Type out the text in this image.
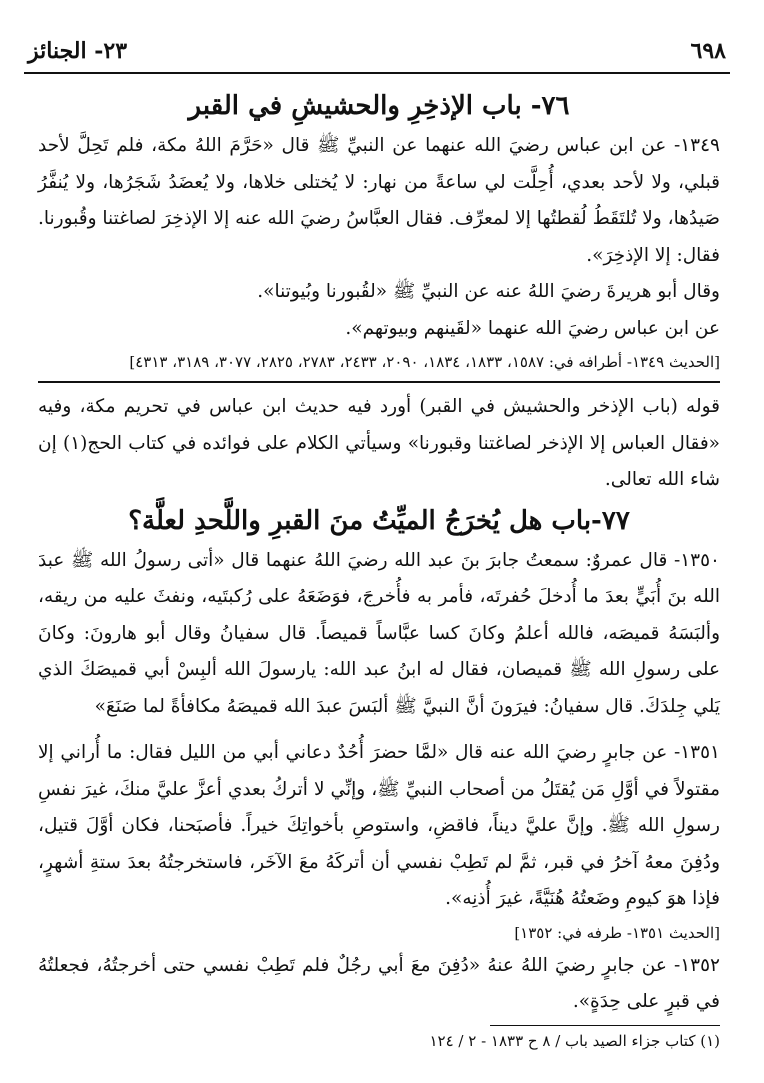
٢٣- الجنائز	٦٩٨
٧٦- باب الإذخِرِ والحشيشِ في القبر

١٣٤٩- عن ابن عباس رضيَ الله عنهما عن النبيِّ ﷺ قال «حَرَّمَ اللهُ مكة، فلم تَحِلَّ لأحد قبلي، ولا لأحد بعدي، أُحِلَّت لي ساعةً من نهار: لا يُختلى خلاها، ولا يُعضَدُ شَجَرُها، ولا يُنفَّرُ صَيدُها، ولا تُلتَقَطُ لُقطتُها إلا لمعرِّف. فقال العبَّاسُ رضيَ الله عنه إلا الإذخِرَ لصاغتنا وقُبورنا. فقال: إلا الإذخِرَ».

وقال أبو هريرةَ رضيَ اللهُ عنه عن النبيِّ ﷺ «لقُبورنا وبُيوتنا».

عن ابن عباس رضيَ الله عنهما «لقَينهم وبيوتهم».

[الحديث ١٣٤٩- أطرافه في: ١٥٨٧، ١٨٣٣، ١٨٣٤، ٢٠٩٠، ٢٤٣٣، ٢٧٨٣، ٢٨٢٥، ٣٠٧٧، ٣١٨٩، ٤٣١٣]

قوله (باب الإذخر والحشيش في القبر) أورد فيه حديث ابن عباس في تحريم مكة، وفيه «فقال العباس إلا الإذخر لصاغتنا وقبورنا» وسيأتي الكلام على فوائده في كتاب الحج(١) إن شاء الله تعالى.

٧٧-باب هل يُخرَجُ الميِّتُ منَ القبرِ واللَّحدِ لعلَّة؟

١٣٥٠- قال عمروٌ: سمعتُ جابرَ بنَ عبد الله رضيَ اللهُ عنهما قال «أتى رسولُ الله ﷺ عبدَ الله بنَ أُبَيٍّ بعدَ ما أُدخلَ حُفرتَه، فأمر به فأُخرجَ، فوَضَعَهُ على رُكبتَيه، ونفثَ عليه من ريقه، وألبَسَهُ قميصَه، فالله أعلمُ وكانَ كسا عبَّاساً قميصاً. قال سفيانُ وقال أبو هارونَ: وكانَ على رسولِ الله ﷺ قميصان، فقال له ابنُ عبد الله: يارسولَ الله ألبِسْ أبي قميصَكَ الذي يَلي جِلدَكَ. قال سفيانُ: فيرَونَ أنَّ النبيَّ ﷺ ألبَسَ عبدَ الله قميصَهُ مكافأةً لما صَنَعَ»

١٣٥١- عن جابرٍ رضيَ الله عنه قال «لمَّا حضرَ أُحُدٌ دعاني أبي من الليل فقال: ما أُراني إلا مقتولاً في أوَّلِ مَن يُقتَلُ من أصحاب النبيِّ ﷺ، وإنِّي لا أتركُ بعدي أعزَّ عليَّ منكَ، غيرَ نفسِ رسولِ الله ﷺ. وإنَّ عليَّ ديناً، فاقضِ، واستوصِ بأخواتِكَ خيراً. فأصبَحنا، فكان أوَّلَ قتيل، ودُفِنَ معهُ آخرُ في قبر، ثمَّ لم تَطِبْ نفسي أن أتركَهُ معَ الآخَر، فاستخرجتُهُ بعدَ ستةِ أشهرٍ، فإذا هوَ كيومِ وضَعتُهُ هُنَيَّةً، غيرَ أُذنِه».

[الحديث ١٣٥١- طرفه في: ١٣٥٢]

١٣٥٢- عن جابرٍ رضيَ اللهُ عنهُ «دُفِنَ معَ أبي رجُلٌ فلم تَطِبْ نفسي حتى أخرجتُهُ، فجعلتُهُ في قبرٍ على حِدَةٍ».

(١) كتاب جزاء الصيد باب / ٨ ح ١٨٣٣ - ٢ / ١٢٤
